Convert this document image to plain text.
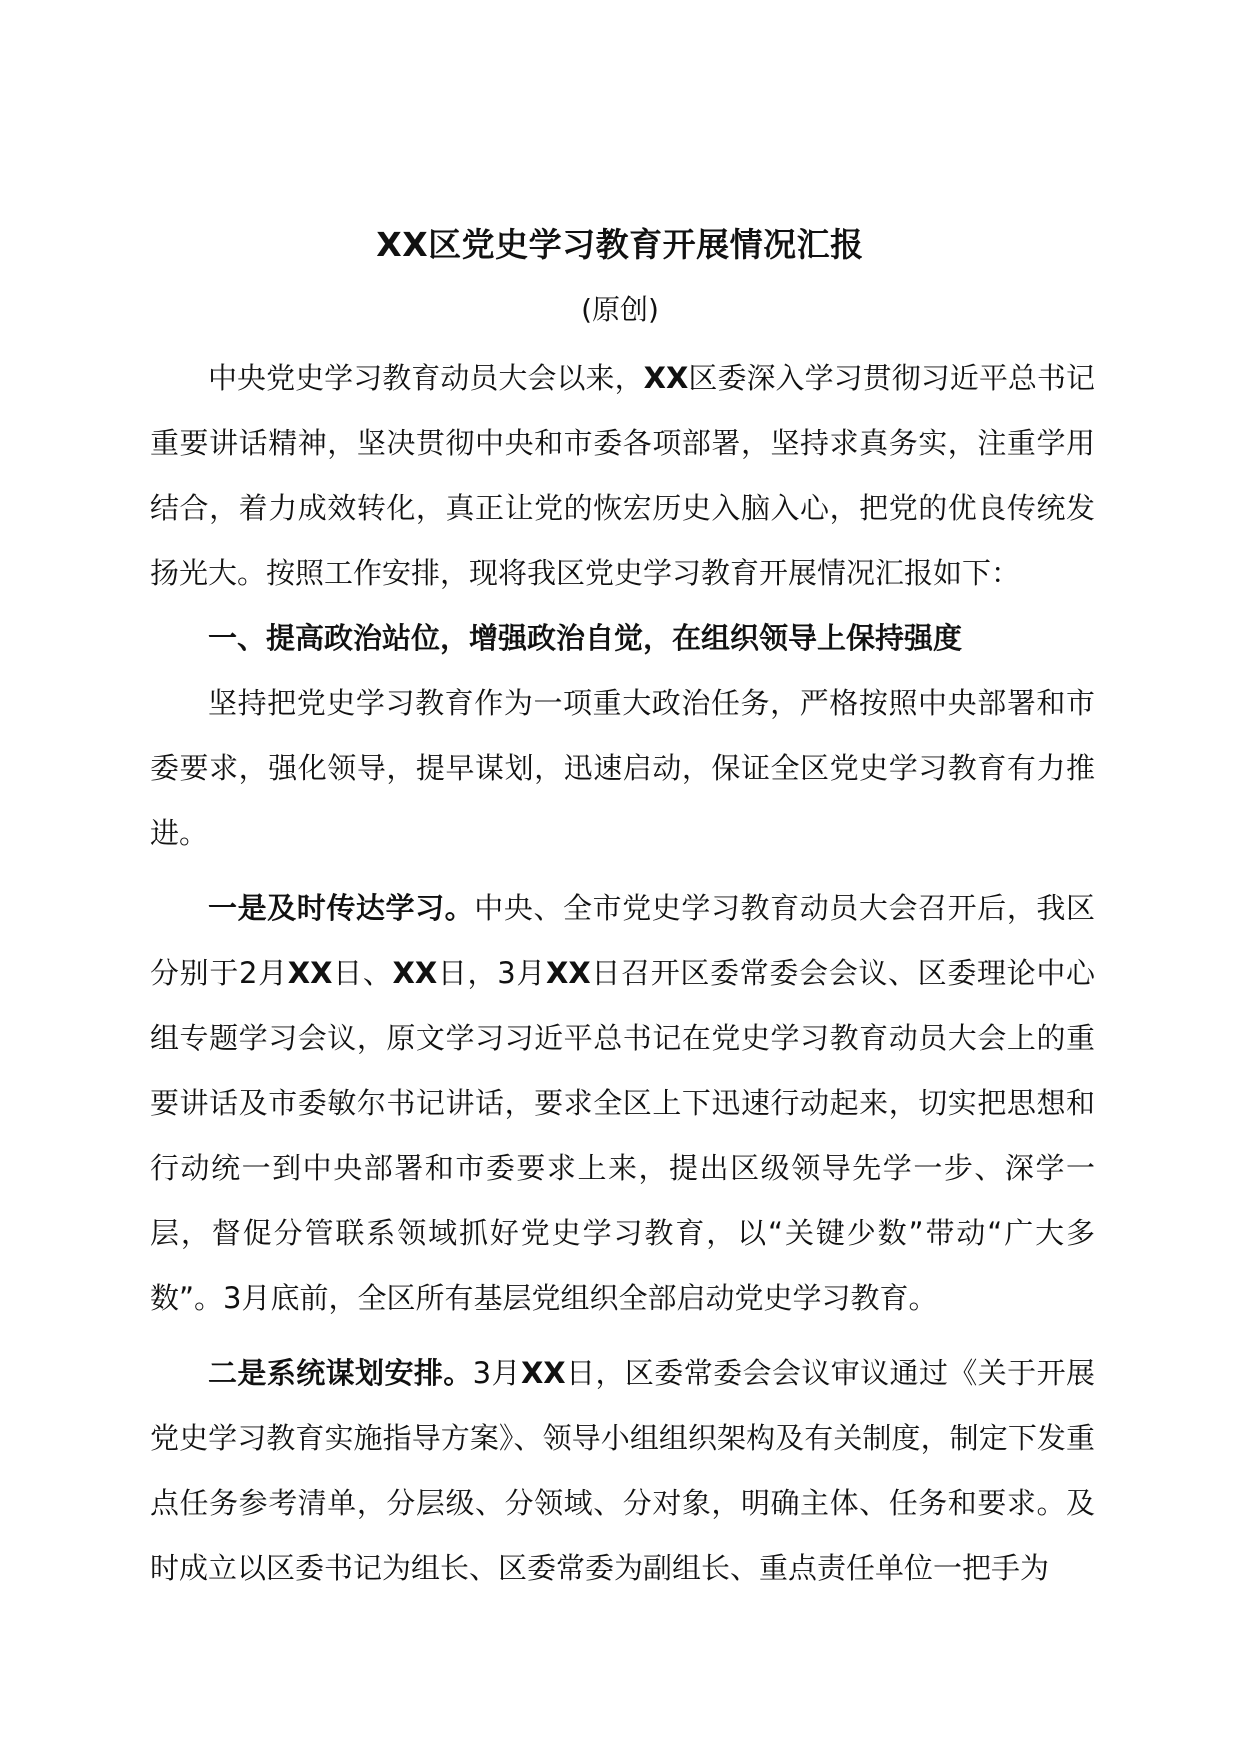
XX区党史学习教育开展情况汇报
(原创)

中央党史学习教育动员大会以来，XX区委深入学习贯彻习近平总书记重要讲话精神，坚决贯彻中央和市委各项部署，坚持求真务实，注重学用结合，着力成效转化，真正让党的恢宏历史入脑入心，把党的优良传统发扬光大。按照工作安排，现将我区党史学习教育开展情况汇报如下：

一、提高政治站位，增强政治自觉，在组织领导上保持强度

坚持把党史学习教育作为一项重大政治任务，严格按照中央部署和市委要求，强化领导，提早谋划，迅速启动，保证全区党史学习教育有力推进。

一是及时传达学习。中央、全市党史学习教育动员大会召开后，我区分别于2月XX日、XX日，3月XX日召开区委常委会会议、区委理论中心组专题学习会议，原文学习习近平总书记在党史学习教育动员大会上的重要讲话及市委敏尔书记讲话，要求全区上下迅速行动起来，切实把思想和行动统一到中央部署和市委要求上来，提出区级领导先学一步、深学一层，督促分管联系领域抓好党史学习教育，以“关键少数”带动“广大多数”。3月底前，全区所有基层党组织全部启动党史学习教育。

二是系统谋划安排。3月XX日，区委常委会会议审议通过《关于开展党史学习教育实施指导方案》、领导小组组织架构及有关制度，制定下发重点任务参考清单，分层级、分领域、分对象，明确主体、任务和要求。及时成立以区委书记为组长、区委常委为副组长、重点责任单位一把手为
